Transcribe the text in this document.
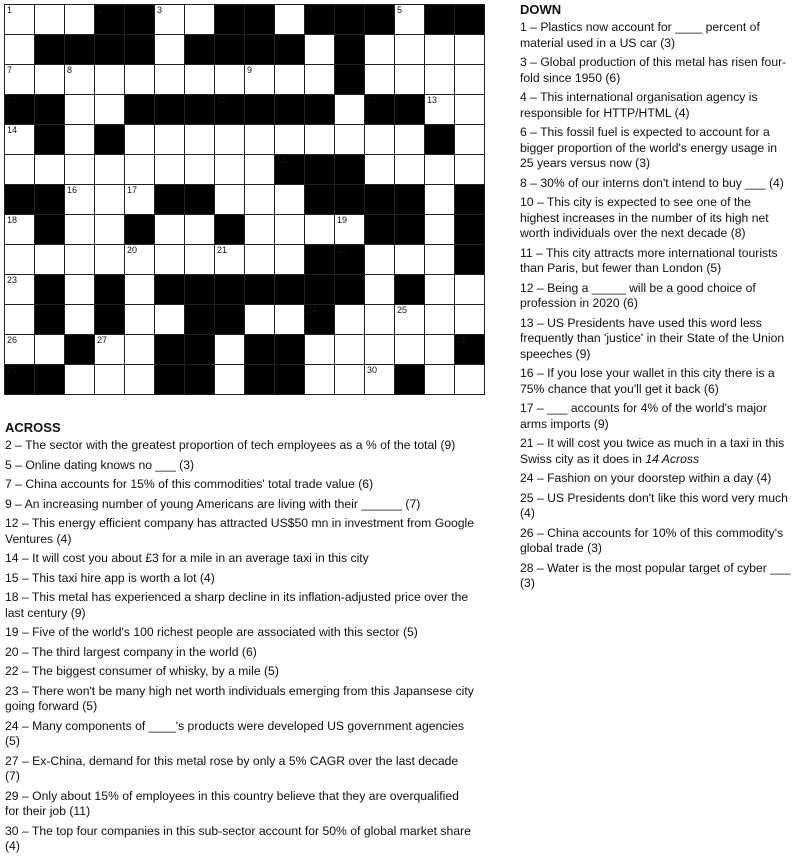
1	2	3	4	5	6
7	8	9
10	11	12	13
14
15
16	17
18	19
20	21	22
23
24	25
26	27	28
29	30
ACROSS
2 – The sector with the greatest proportion of tech employees as a % of the total (9)
5 – Online dating knows no ___ (3)
7 – China accounts for 15% of this commodities' total trade value (6)
9 – An increasing number of young Americans are living with their ______ (7)
12 – This energy efficient company has attracted US$50 mn in investment from Google Ventures (4)
14 – It will cost you about £3 for a mile in an average taxi in this city
15 – This taxi hire app is worth a lot (4)
18 – This metal has experienced a sharp decline in its inflation-adjusted price over the last century (9)
19 – Five of the world's 100 richest people are associated with this sector (5)
20 – The third largest company in the world (6)
22 – The biggest consumer of whisky, by a mile (5)
23 – There won't be many high net worth individuals emerging from this Japansese city going forward (5)
24 – Many components of ____'s products were developed US government agencies (5)
27 – Ex-China, demand for this metal rose by only a 5% CAGR over the last decade (7)
29 – Only about 15% of employees in this country believe that they are overqualified for their job (11)
30 – The top four companies in this sub-sector account for 50% of global market share (4)
DOWN
1 – Plastics now account for ____ percent of material used in a US car (3)
3 – Global production of this metal has risen four-fold since 1950 (6)
4 – This international organisation agency is responsible for HTTP/HTML (4)
6 – This fossil fuel is expected to account for a bigger proportion of the world's energy usage in 25 years versus now (3)
8 – 30% of our interns don't intend to buy ___ (4)
10 – This city is expected to see one of the highest increases in the number of its high net worth individuals over the next decade (8)
11 – This city attracts more international tourists than Paris, but fewer than London (5)
12 – Being a _____ will be a good choice of profession in 2020 (6)
13 – US Presidents have used this word less frequently than 'justice' in their State of the Union speeches (9)
16 – If you lose your wallet in this city there is a 75% chance that you'll get it back (6)
17 – ___ accounts for 4% of the world's major arms imports (9)
21 – It will cost you twice as much in a taxi in this Swiss city as it does in 14 Across
24 – Fashion on your doorstep within a day (4)
25 – US Presidents don't like this word very much (4)
26 – China accounts for 10% of this commodity's global trade (3)
28 – Water is the most popular target of cyber ___ (3)
